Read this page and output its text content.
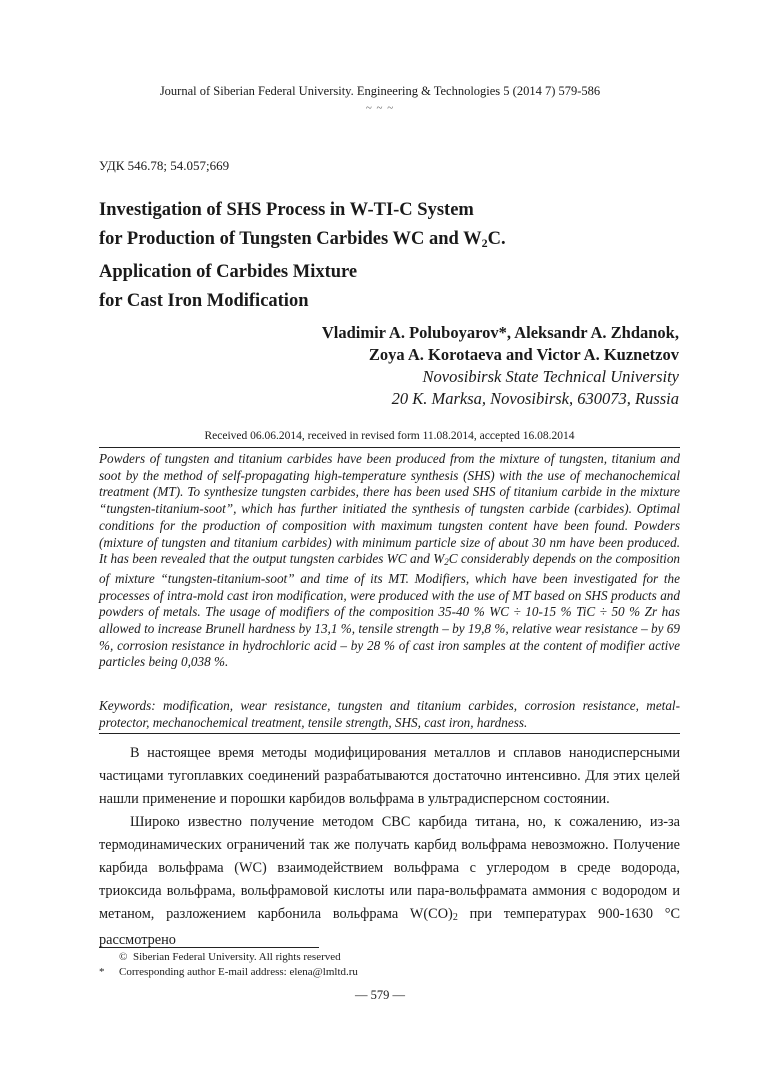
Journal of Siberian Federal University. Engineering & Technologies 5 (2014 7) 579-586
~ ~ ~
УДК 546.78; 54.057;669
Investigation of SHS Process in W-TI-C System
for Production of Tungsten Carbides WC and $W_2C$.
Application of Carbides Mixture
for Cast Iron Modification
Vladimir A. Poluboyarov*, Aleksandr A. Zhdanok,
Zoya A. Korotaeva and Victor A. Kuznetzov
Novosibirsk State Technical University
20 K. Marksa, Novosibirsk, 630073, Russia
Received 06.06.2014, received in revised form 11.08.2014, accepted 16.08.2014
Powders of tungsten and titanium carbides have been produced from the mixture of tungsten, titanium and soot by the method of self-propagating high-temperature synthesis (SHS) with the use of mechanochemical treatment (MT). To synthesize tungsten carbides, there has been used SHS of titanium carbide in the mixture “tungsten-titanium-soot”, which has further initiated the synthesis of tungsten carbide (carbides). Optimal conditions for the production of composition with maximum tungsten content have been found. Powders (mixture of tungsten and titanium carbides) with minimum particle size of about 30 nm have been produced. It has been revealed that the output tungsten carbides WC and $W_2C$ considerably depends on the composition of mixture “tungsten-titanium-soot” and time of its MT. Modifiers, which have been investigated for the processes of intra-mold cast iron modification, were produced with the use of MT based on SHS products and powders of metals. The usage of modifiers of the composition 35-40 % WC ÷ 10-15 % TiC ÷ 50 % Zr has allowed to increase Brunell hardness by 13,1 %, tensile strength – by 19,8 %, relative wear resistance – by 69 %, corrosion resistance in hydrochloric acid – by 28 % of cast iron samples at the content of modifier active particles being 0,038 %.
Keywords: modification, wear resistance, tungsten and titanium carbides, corrosion resistance, metal-protector, mechanochemical treatment, tensile strength, SHS, cast iron, hardness.

В настоящее время методы модифицирования металлов и сплавов нанодисперсными частицами тугоплавких соединений разрабатываются достаточно интенсивно. Для этих целей нашли применение и порошки карбидов вольфрама в ультрадисперсном состоянии.

Широко известно получение методом СВС карбида титана, но, к сожалению, из-за термодинамических ограничений так же получать карбид вольфрама невозможно. Получение карбида вольфрама (WC) взаимодействием вольфрама с углеродом в среде водорода, триоксида вольфрама, вольфрамовой кислоты или пара-вольфрамата аммония с водородом и метаном, разложением карбонила вольфрама $W(CO)_2$ при температурах 900-1630 °С рассмотрено

© Siberian Federal University. All rights reserved
* Corresponding author E-mail address: elena@lmltd.ru
— 579 —
